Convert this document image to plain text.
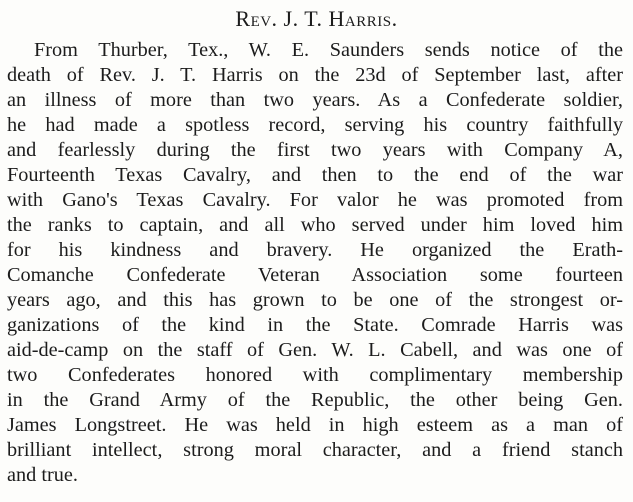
Rev. J. T. Harris.
From Thurber, Tex., W. E. Saunders sends notice of the
death of Rev. J. T. Harris on the 23d of September last, after
an illness of more than two years. As a Confederate soldier,
he had made a spotless record, serving his country faithfully
and fearlessly during the first two years with Company A,
Fourteenth Texas Cavalry, and then to the end of the war
with Gano's Texas Cavalry. For valor he was promoted from
the ranks to captain, and all who served under him loved him
for his kindness and bravery. He organized the Erath-
Comanche Confederate Veteran Association some fourteen
years ago, and this has grown to be one of the strongest or-
ganizations of the kind in the State. Comrade Harris was
aid-de-camp on the staff of Gen. W. L. Cabell, and was one of
two Confederates honored with complimentary membership
in the Grand Army of the Republic, the other being Gen.
James Longstreet. He was held in high esteem as a man of
brilliant intellect, strong moral character, and a friend stanch
and true.
